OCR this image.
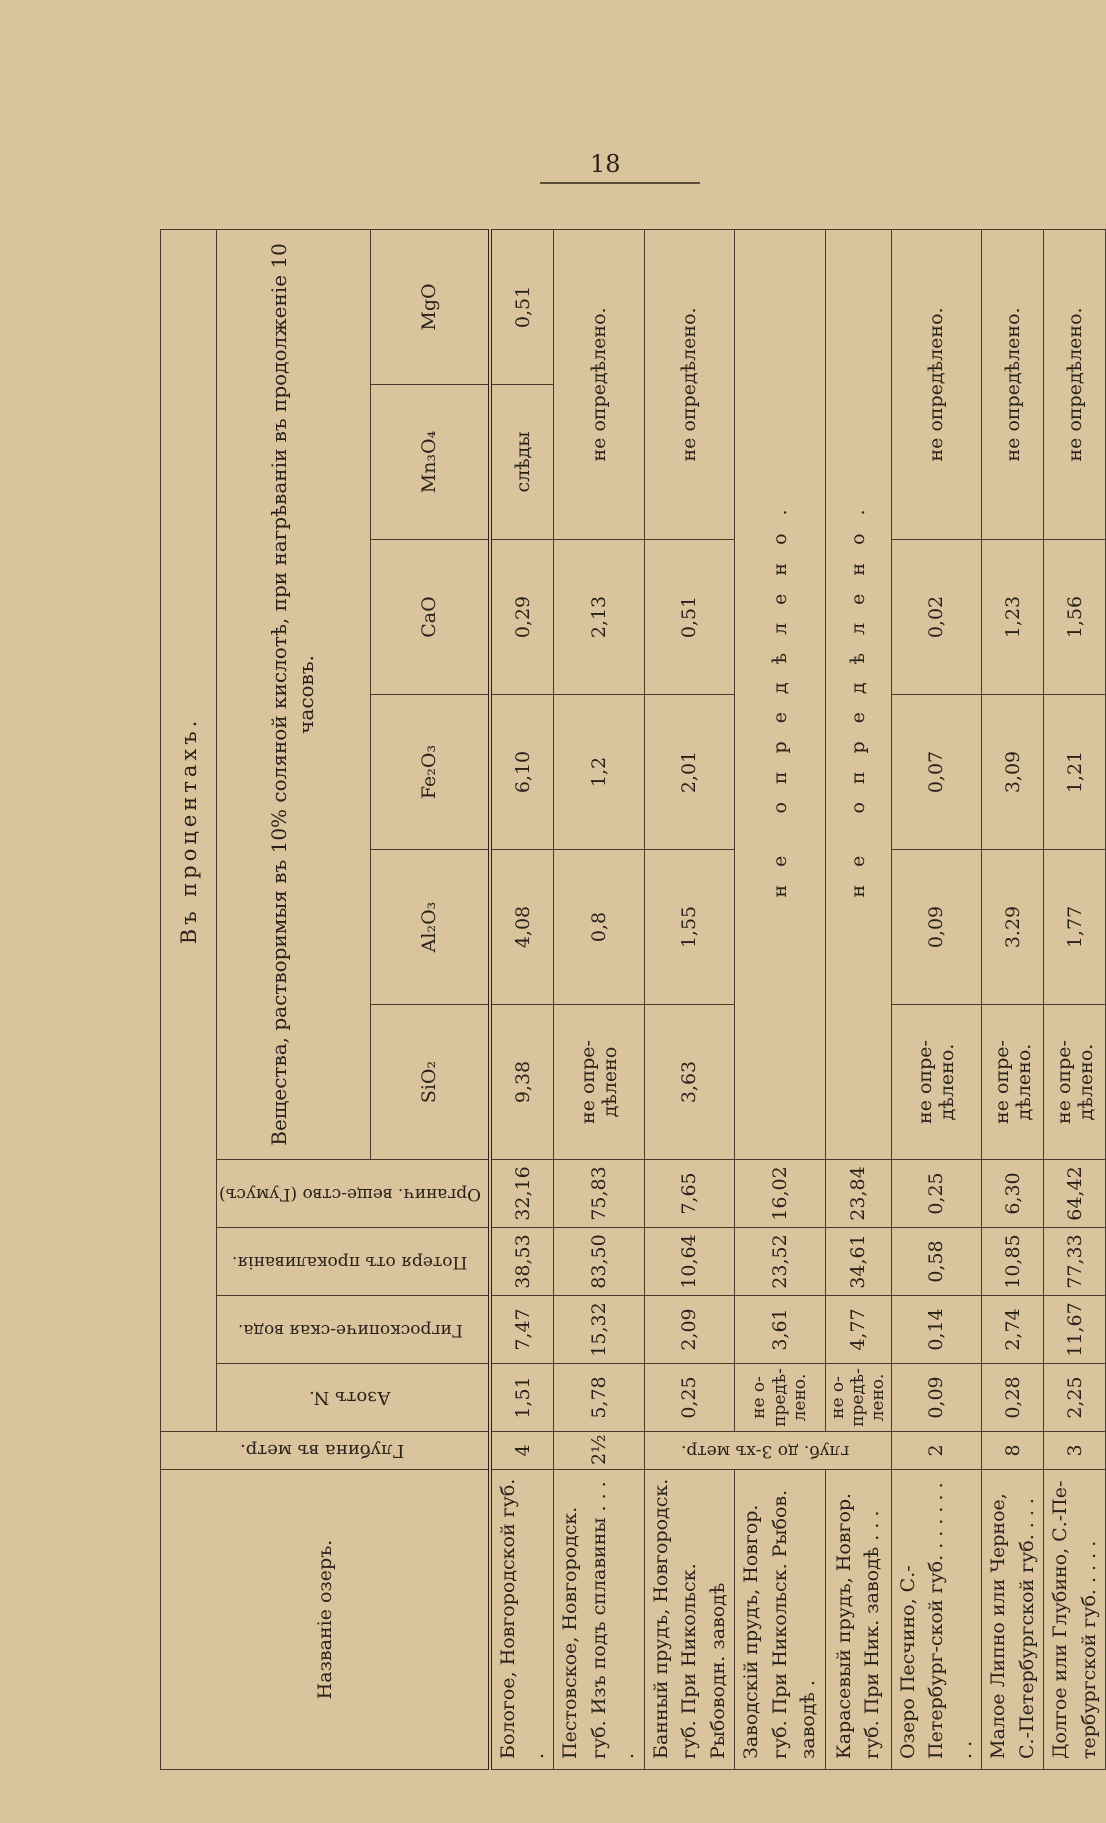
18
Названіе озеръ.	Глубина въ метр.	Въ процентахъ.									
		Азотъ N.	Гигроскопиче-ская вода.	Потеря отъ прокаливанія.	Органич. веще-ство (Гумусъ)	Вещества, растворимыя въ 10% соляной кислотѣ, при нагрѣваніи въ продолженіе 10 часовъ.					
						SiO₂	Al₂O₃	Fe₂O₃	CaO	Mn₃O₄	MgO
Бологое, Новгородской губ. .	4	1,51	7,47	38,53	32,16	9,38	4,08	6,10	0,29	слѣды	0,51
Пестовское, Новгородск. губ. Изъ подъ сплавины . . . .	2½	5,78	15,32	83,50	75,83	не опре-дѣлено	0,8	1,2	2,13	не опредѣлено.	
Банный прудъ, Новгородск. губ. При Никольск. Рыбоводн. заводѣ	глуб. до 3-хъ метр.	0,25	2,09	10,64	7,65	3,63	1,55	2,01	0,51	не опредѣлено.	
Заводскій прудъ, Новгор. губ. При Никольск. Рыбов. заводѣ .		не о-предѣ-лено.	3,61	23,52	16,02	не опредѣлено.					
Карасевый прудъ, Новгор. губ. При Ник. заводѣ . . .		не о-предѣ-лено.	4,77	34,61	23,84	не опредѣлено.					
Озеро Песчино, С.-Петербург-ской губ. . . . . . . . .	2	0,09	0,14	0,58	0,25	не опре-дѣлено.	0,09	0,07	0,02	не опредѣлено.	
Малое Липно или Черное, С.-Петербургской губ. . . .	8	0,28	2,74	10,85	6,30	не опре-дѣлено.	3.29	3,09	1,23	не опредѣлено.	
Долгое или Глубино, С.-Пе-тербургской губ. . . . .	3	2,25	11,67	77,33	64,42	не опре-дѣлено.	1,77	1,21	1,56	не опредѣлено.	
